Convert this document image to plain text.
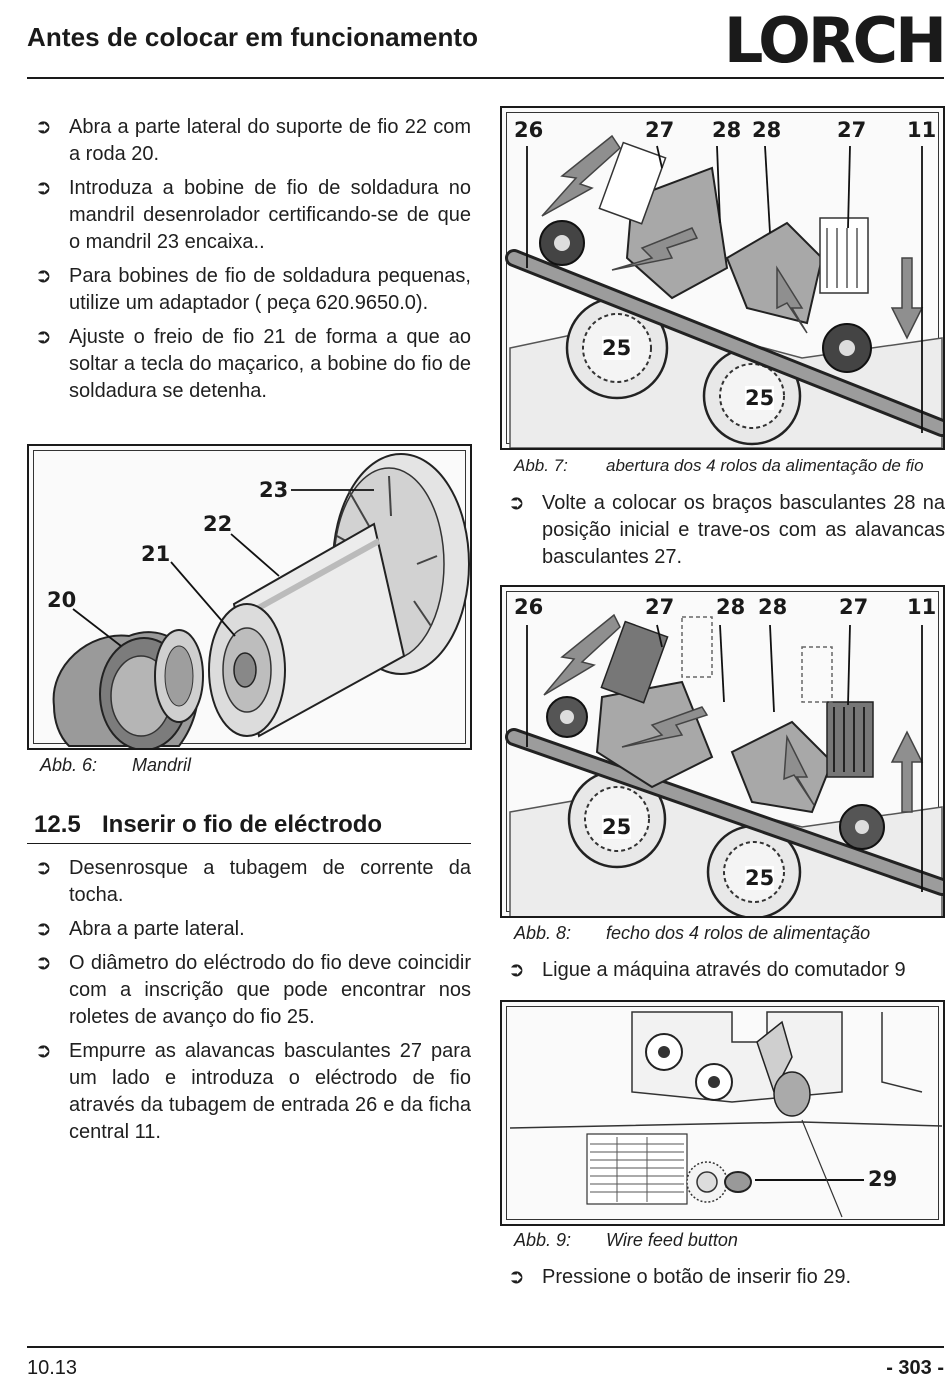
Antes de colocar em funcionamento	LORCH
➲ Abra a parte lateral do suporte de fio 22 com a roda 20.
➲ Introduza a bobine de fio de soldadura no mandril desenrolador certificando-se de que o mandril 23 encaixa..
➲ Para bobines de fio de soldadura pequenas, utilize um adaptador ( peça 620.9650.0).
➲ Ajuste o freio de fio 21 de forma a que ao soltar a tecla do maçarico, a bobine do fio de soldadura se detenha.
20
21
22
23
Abb. 6: Mandril
12.5 Inserir o fio de eléctrodo
➲ Desenrosque a tubagem de corrente da tocha.
➲ Abra a parte lateral.
➲ O diâmetro do eléctrodo do fio deve coincidir com a inscrição que pode encontrar nos roletes de avanço do fio 25.
➲ Empurre as alavancas basculantes 27 para um lado e introduza o eléctrodo de fio através da tubagem de entrada 26 e da ficha central 11.
26	27 28 28	27 11
25
25
Abb. 7: abertura dos 4 rolos da alimentação de fio
➲ Volte a colocar os braços basculantes 28 na posição inicial e trave-os com as alavancas basculantes 27.
26	27 28 28 27 11
25
25
Abb. 8: fecho dos 4 rolos de alimentação
➲ Ligue a máquina através do comutador 9
29
Abb. 9: Wire feed button
➲ Pressione o botão de inserir fio 29.
10.13	- 303 -
